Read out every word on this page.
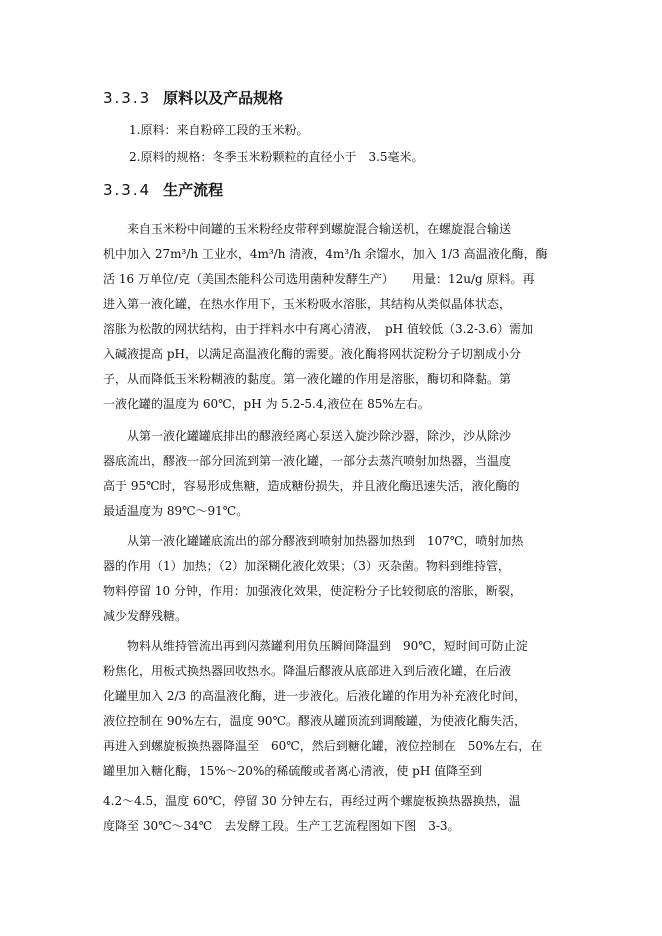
3.3.3 原料以及产品规格
1.原料：来自粉碎工段的玉米粉。
2.原料的规格：冬季玉米粉颗粒的直径小于　3.5毫米。
3.3.4 生产流程
来自玉米粉中间罐的玉米粉经皮带秤到螺旋混合输送机，在螺旋混合输送
机中加入 27m³/h 工业水，4m³/h 清液，4m³/h 余馏水，加入 1/3 高温液化酶，酶
活 16 万单位/克（美国杰能科公司选用菌种发酵生产）　　用量：12u/g 原料。再
进入第一液化罐，在热水作用下，玉米粉吸水溶胀，其结构从类似晶体状态，
溶胀为松散的网状结构，由于拌料水中有离心清液，　pH 值较低（3.2-3.6）需加
入碱液提高 pH，以满足高温液化酶的需要。液化酶将网状淀粉分子切割成小分
子，从而降低玉米粉糊液的黏度。第一液化罐的作用是溶胀，酶切和降黏。第
一液化罐的温度为 60℃，pH 为 5.2-5.4,液位在 85%左右。
从第一液化罐罐底排出的醪液经离心泵送入旋沙除沙器，除沙，沙从除沙
器底流出，醪液一部分回流到第一液化罐，一部分去蒸汽喷射加热器，当温度
高于 95℃时，容易形成焦糖，造成糖份损失，并且液化酶迅速失活，液化酶的
最适温度为 89℃～91℃。
从第一液化罐罐底流出的部分醪液到喷射加热器加热到　107℃，喷射加热
器的作用（1）加热；（2）加深糊化液化效果；（3）灭杂菌。物料到维持管，
物料停留 10 分钟，作用：加强液化效果，使淀粉分子比较彻底的溶胀，断裂，
减少发酵残糖。
物料从维持管流出再到闪蒸罐利用负压瞬间降温到　90℃，短时间可防止淀
粉焦化，用板式换热器回收热水。降温后醪液从底部进入到后液化罐，在后液
化罐里加入 2/3 的高温液化酶，进一步液化。后液化罐的作用为补充液化时间，
液位控制在 90%左右，温度 90℃。醪液从罐顶流到调酸罐，为使液化酶失活，
再进入到螺旋板换热器降温至　60℃，然后到糖化罐，液位控制在　50%左右，在
罐里加入糖化酶，15%～20%的稀硫酸或者离心清液，使 pH 值降至到
4.2～4.5，温度 60℃，停留 30 分钟左右，再经过两个螺旋板换热器换热，温
度降至 30℃～34℃　去发酵工段。生产工艺流程图如下图　3-3。
